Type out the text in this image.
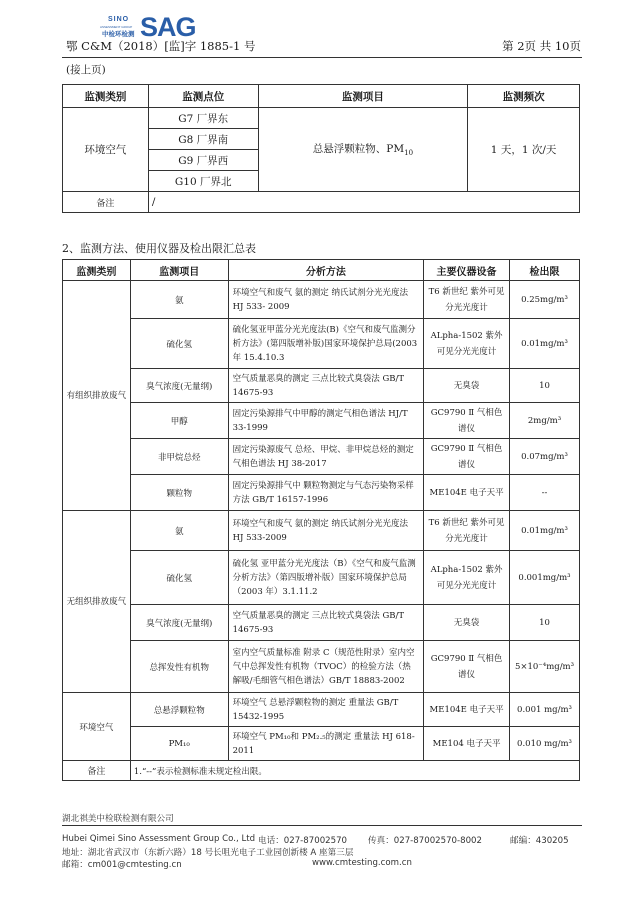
SINO
ASSESSMENT GROUP
中检环检测 SAG
鄂 C&M（2018）[监]字 1885-1 号	第 2页 共 10页
(接上页)
监测类别	监测点位	监测项目	监测频次
环境空气	G7 厂界东	总悬浮颗粒物、$PM_{10}$	1 天，1 次/天
	G8 厂界南		
	G9 厂界西		
	G10 厂界北		
备注	/		
2、监测方法、使用仪器及检出限汇总表
监测类别	监测项目	分析方法	主要仪器设备	检出限
有组织排放废气	氨	环境空气和废气 氨的测定 纳氏试剂分光光度法 HJ 533- 2009	T6 新世纪 紫外可见分光光度计	0.25mg/m³
	硫化氢	硫化氢亚甲蓝分光光度法(B)《空气和废气监测分析方法》(第四版增补版)国家环境保护总局(2003 年 15.4.10.3	ALpha-1502 紫外可见分光光度计	0.01mg/m³
	臭气浓度(无量纲)	空气质量恶臭的测定 三点比较式臭袋法 GB/T 14675-93	无臭袋	10
	甲醇	固定污染源排气中甲醇的测定气相色谱法 HJ/T 33-1999	GC9790 Ⅱ 气相色谱仪	2mg/m³
	非甲烷总烃	固定污染源废气 总烃、甲烷、非甲烷总烃的测定 气相色谱法 HJ 38-2017	GC9790 Ⅱ 气相色谱仪	0.07mg/m³
	颗粒物	固定污染源排气中 颗粒物测定与气态污染物采样方法 GB/T 16157-1996	ME104E 电子天平	--
无组织排放废气	氨	环境空气和废气 氨的测定 纳氏试剂分光光度法 HJ 533-2009	T6 新世纪 紫外可见分光光度计	0.01mg/m³
	硫化氢	硫化氢 亚甲蓝分光光度法（B）《空气和废气监测分析方法》（第四版增补版）国家环境保护总局（2003 年）3.1.11.2	ALpha-1502 紫外可见分光光度计	0.001mg/m³
	臭气浓度(无量纲)	空气质量恶臭的测定 三点比较式臭袋法 GB/T 14675-93	无臭袋	10
	总挥发性有机物	室内空气质量标准 附录 C（规范性附录）室内空气中总挥发性有机物（TVOC）的检验方法（热解吸/毛细管气相色谱法）GB/T 18883-2002	GC9790 Ⅱ 气相色谱仪	5×10⁻⁴mg/m³
环境空气	总悬浮颗粒物	环境空气 总悬浮颗粒物的测定 重量法 GB/T 15432-1995	ME104E 电子天平	0.001 mg/m³
	PM₁₀	环境空气 PM₁₀和 PM₂.₅的测定 重量法 HJ 618-2011	ME104 电子天平	0.010 mg/m³
备注	1.“--”表示检测标准未规定检出限。			
湖北祺美中检联检测有限公司
Hubei Qimei Sino Assessment Group Co., Ltd 电话：027-87002570 传真：027-87002570-8002	邮编：430205
地址：湖北省武汉市（东新六路）18 号长咀光电子工业园创新楼 A 座第三层
邮箱：cm001@cmtesting.cn	www.cmtesting.com.cn
